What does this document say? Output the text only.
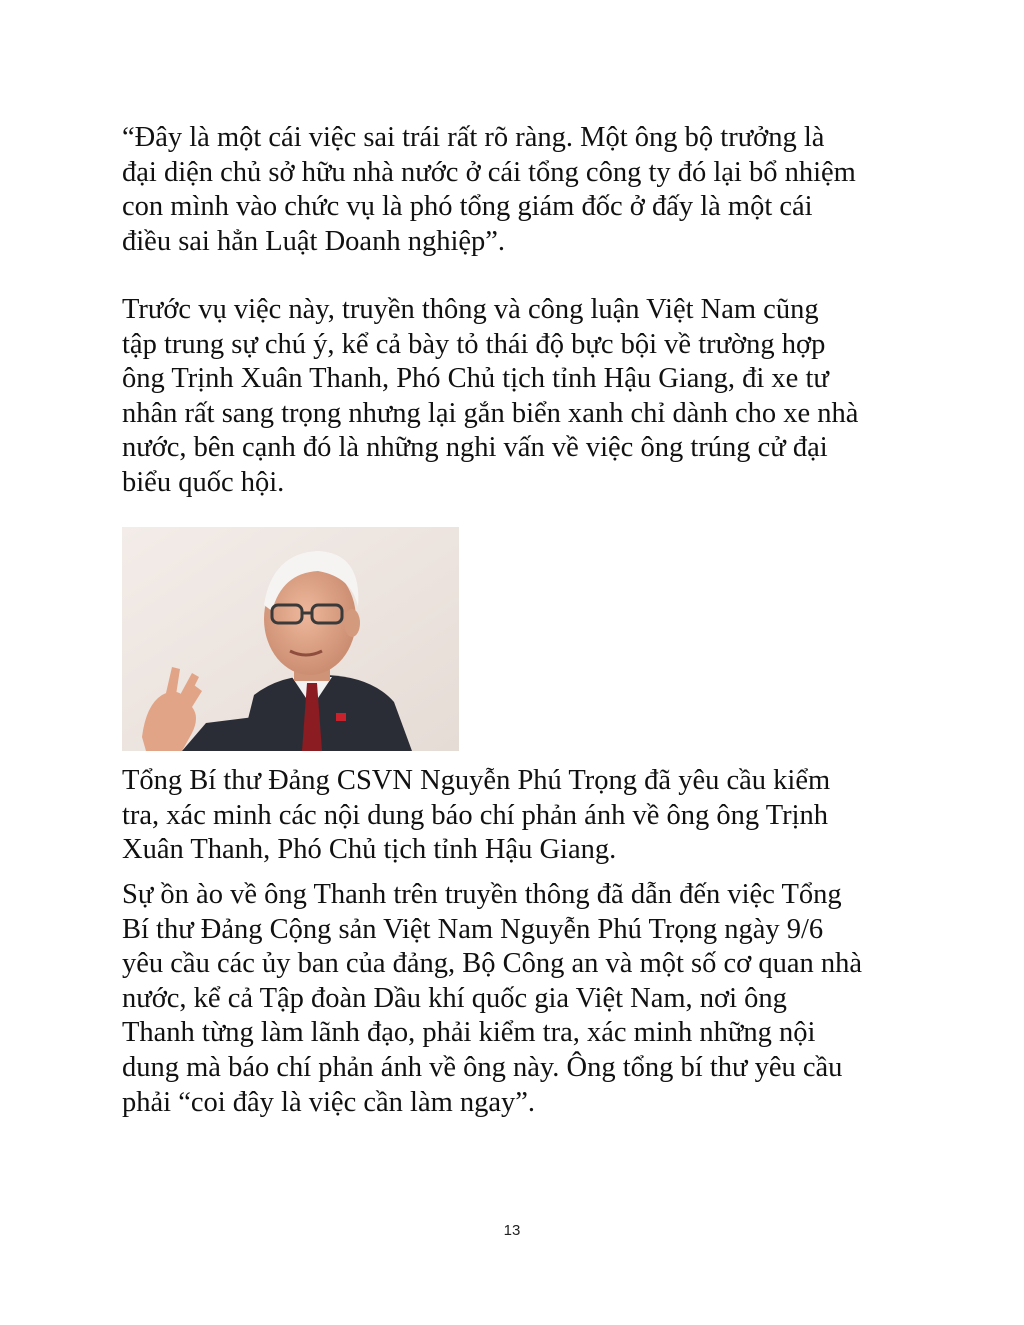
“Đây là một cái việc sai trái rất rõ ràng. Một ông bộ trưởng là
đại diện chủ sở hữu nhà nước ở cái tổng công ty đó lại bổ nhiệm
con mình vào chức vụ là phó tổng giám đốc ở đấy là một cái
điều sai hẳn Luật Doanh nghiệp”.

Trước vụ việc này, truyền thông và công luận Việt Nam cũng
tập trung sự chú ý, kể cả bày tỏ thái độ bực bội về trường hợp
ông Trịnh Xuân Thanh, Phó Chủ tịch tỉnh Hậu Giang, đi xe tư
nhân rất sang trọng nhưng lại gắn biển xanh chỉ dành cho xe nhà
nước, bên cạnh đó là những nghi vấn về việc ông trúng cử đại
biểu quốc hội.

Tổng Bí thư Đảng CSVN Nguyễn Phú Trọng đã yêu cầu kiểm
tra, xác minh các nội dung báo chí phản ánh về ông ông Trịnh
Xuân Thanh, Phó Chủ tịch tỉnh Hậu Giang.

Sự ồn ào về ông Thanh trên truyền thông đã dẫn đến việc Tổng
Bí thư Đảng Cộng sản Việt Nam Nguyễn Phú Trọng ngày 9/6
yêu cầu các ủy ban của đảng, Bộ Công an và một số cơ quan nhà
nước, kể cả Tập đoàn Dầu khí quốc gia Việt Nam, nơi ông
Thanh từng làm lãnh đạo, phải kiểm tra, xác minh những nội
dung mà báo chí phản ánh về ông này. Ông tổng bí thư yêu cầu
phải “coi đây là việc cần làm ngay”.

13
